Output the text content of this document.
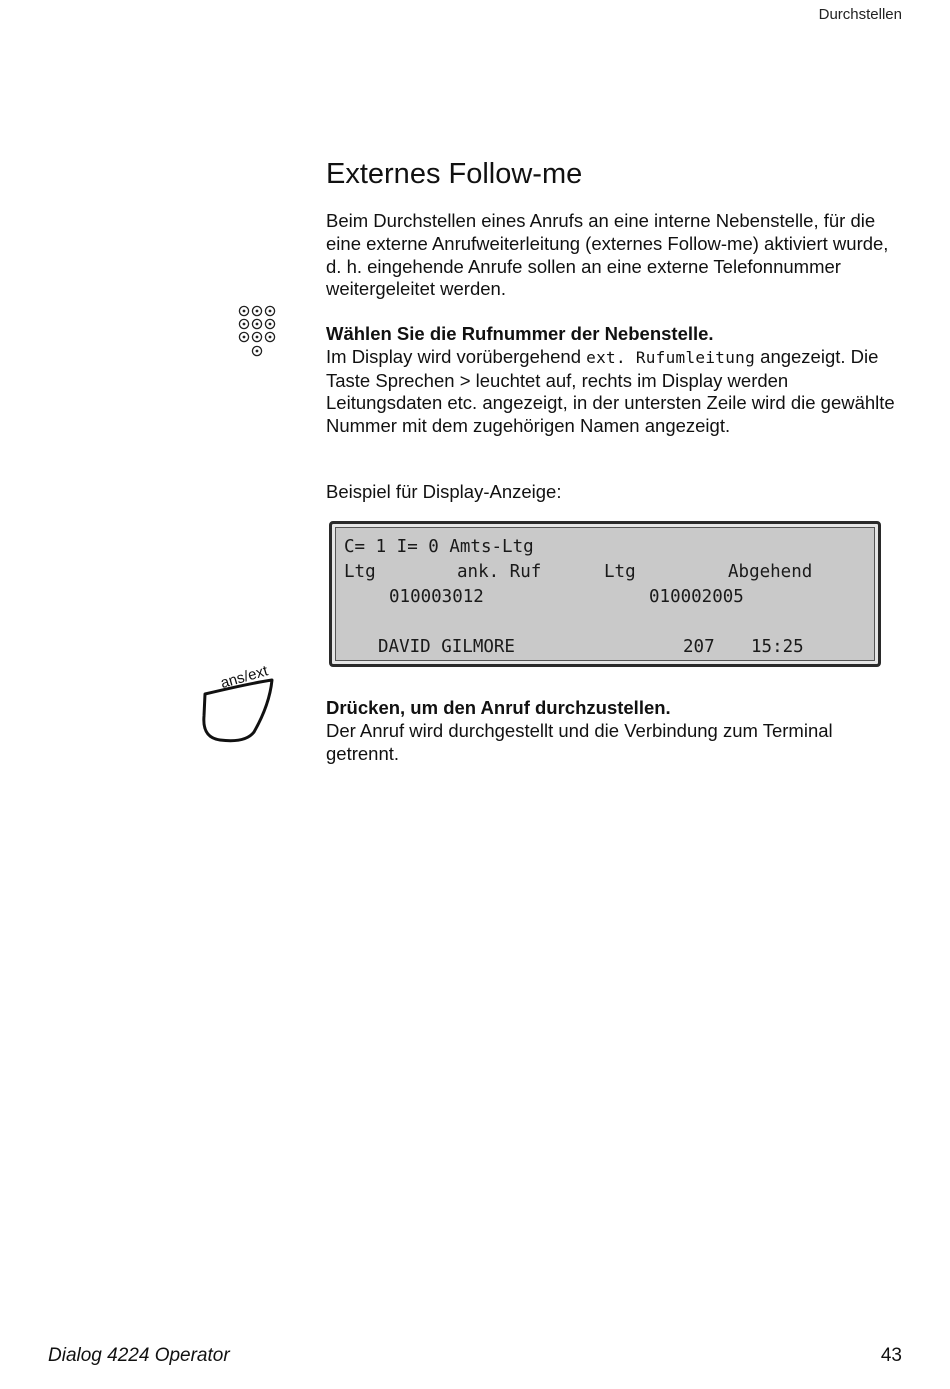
Durchstellen
Externes Follow-me

Beim Durchstellen eines Anrufs an eine interne Nebenstelle, für die eine externe Anrufweiterleitung (externes Follow-me) aktiviert wurde, d. h. eingehende Anrufe sollen an eine externe Telefonnummer weitergeleitet werden.

Wählen Sie die Rufnummer der Nebenstelle.
Im Display wird vorübergehend ext. Rufumleitung angezeigt. Die Taste Sprechen > leuchtet auf, rechts im Display werden Leitungsdaten etc. angezeigt, in der untersten Zeile wird die gewählte Nummer mit dem zugehörigen Namen angezeigt.

Beispiel für Display-Anzeige:

C= 1 I= 0 Amts-Ltg
Ltg	ank. Ruf	Ltg	Abgehend
010003012	010002005
DAVID GILMORE	207 15:25
ans/ext

Drücken, um den Anruf durchzustellen.
Der Anruf wird durchgestellt und die Verbindung zum Terminal getrennt.

Dialog 4224 Operator	43
